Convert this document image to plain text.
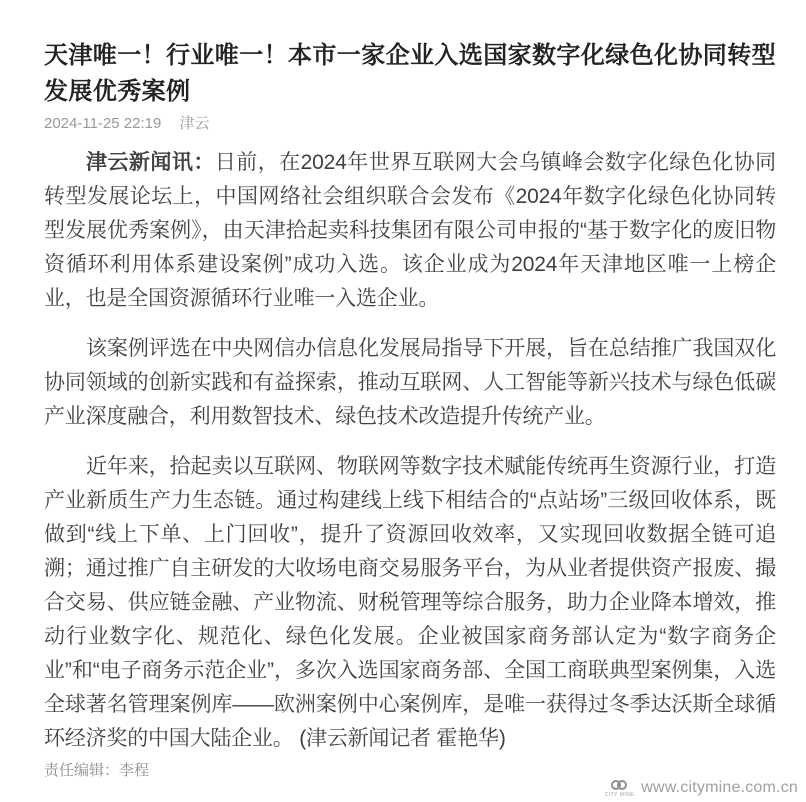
天津唯一！行业唯一！本市一家企业入选国家数字化绿色化协同转型发展优秀案例
2024-11-25 22:19 津云

津云新闻讯：日前，在2024年世界互联网大会乌镇峰会数字化绿色化协同转型发展论坛上，中国网络社会组织联合会发布《2024年数字化绿色化协同转型发展优秀案例》，由天津拾起卖科技集团有限公司申报的“基于数字化的废旧物资循环利用体系建设案例”成功入选。该企业成为2024年天津地区唯一上榜企业，也是全国资源循环行业唯一入选企业。

该案例评选在中央网信办信息化发展局指导下开展，旨在总结推广我国双化协同领域的创新实践和有益探索，推动互联网、人工智能等新兴技术与绿色低碳产业深度融合，利用数智技术、绿色技术改造提升传统产业。

近年来，拾起卖以互联网、物联网等数字技术赋能传统再生资源行业，打造产业新质生产力生态链。通过构建线上线下相结合的“点站场”三级回收体系，既做到“线上下单、上门回收”，提升了资源回收效率，又实现回收数据全链可追溯；通过推广自主研发的大收场电商交易服务平台，为从业者提供资产报废、撮合交易、供应链金融、产业物流、财税管理等综合服务，助力企业降本增效，推动行业数字化、规范化、绿色化发展。企业被国家商务部认定为“数字商务企业”和“电子商务示范企业”，多次入选国家商务部、全国工商联典型案例集，入选全球著名管理案例库——欧洲案例中心案例库，是唯一获得过冬季达沃斯全球循环经济奖的中国大陆企业。 (津云新闻记者 霍艳华)

责任编辑：李程
CITY MINE www.citymine.com.cn
